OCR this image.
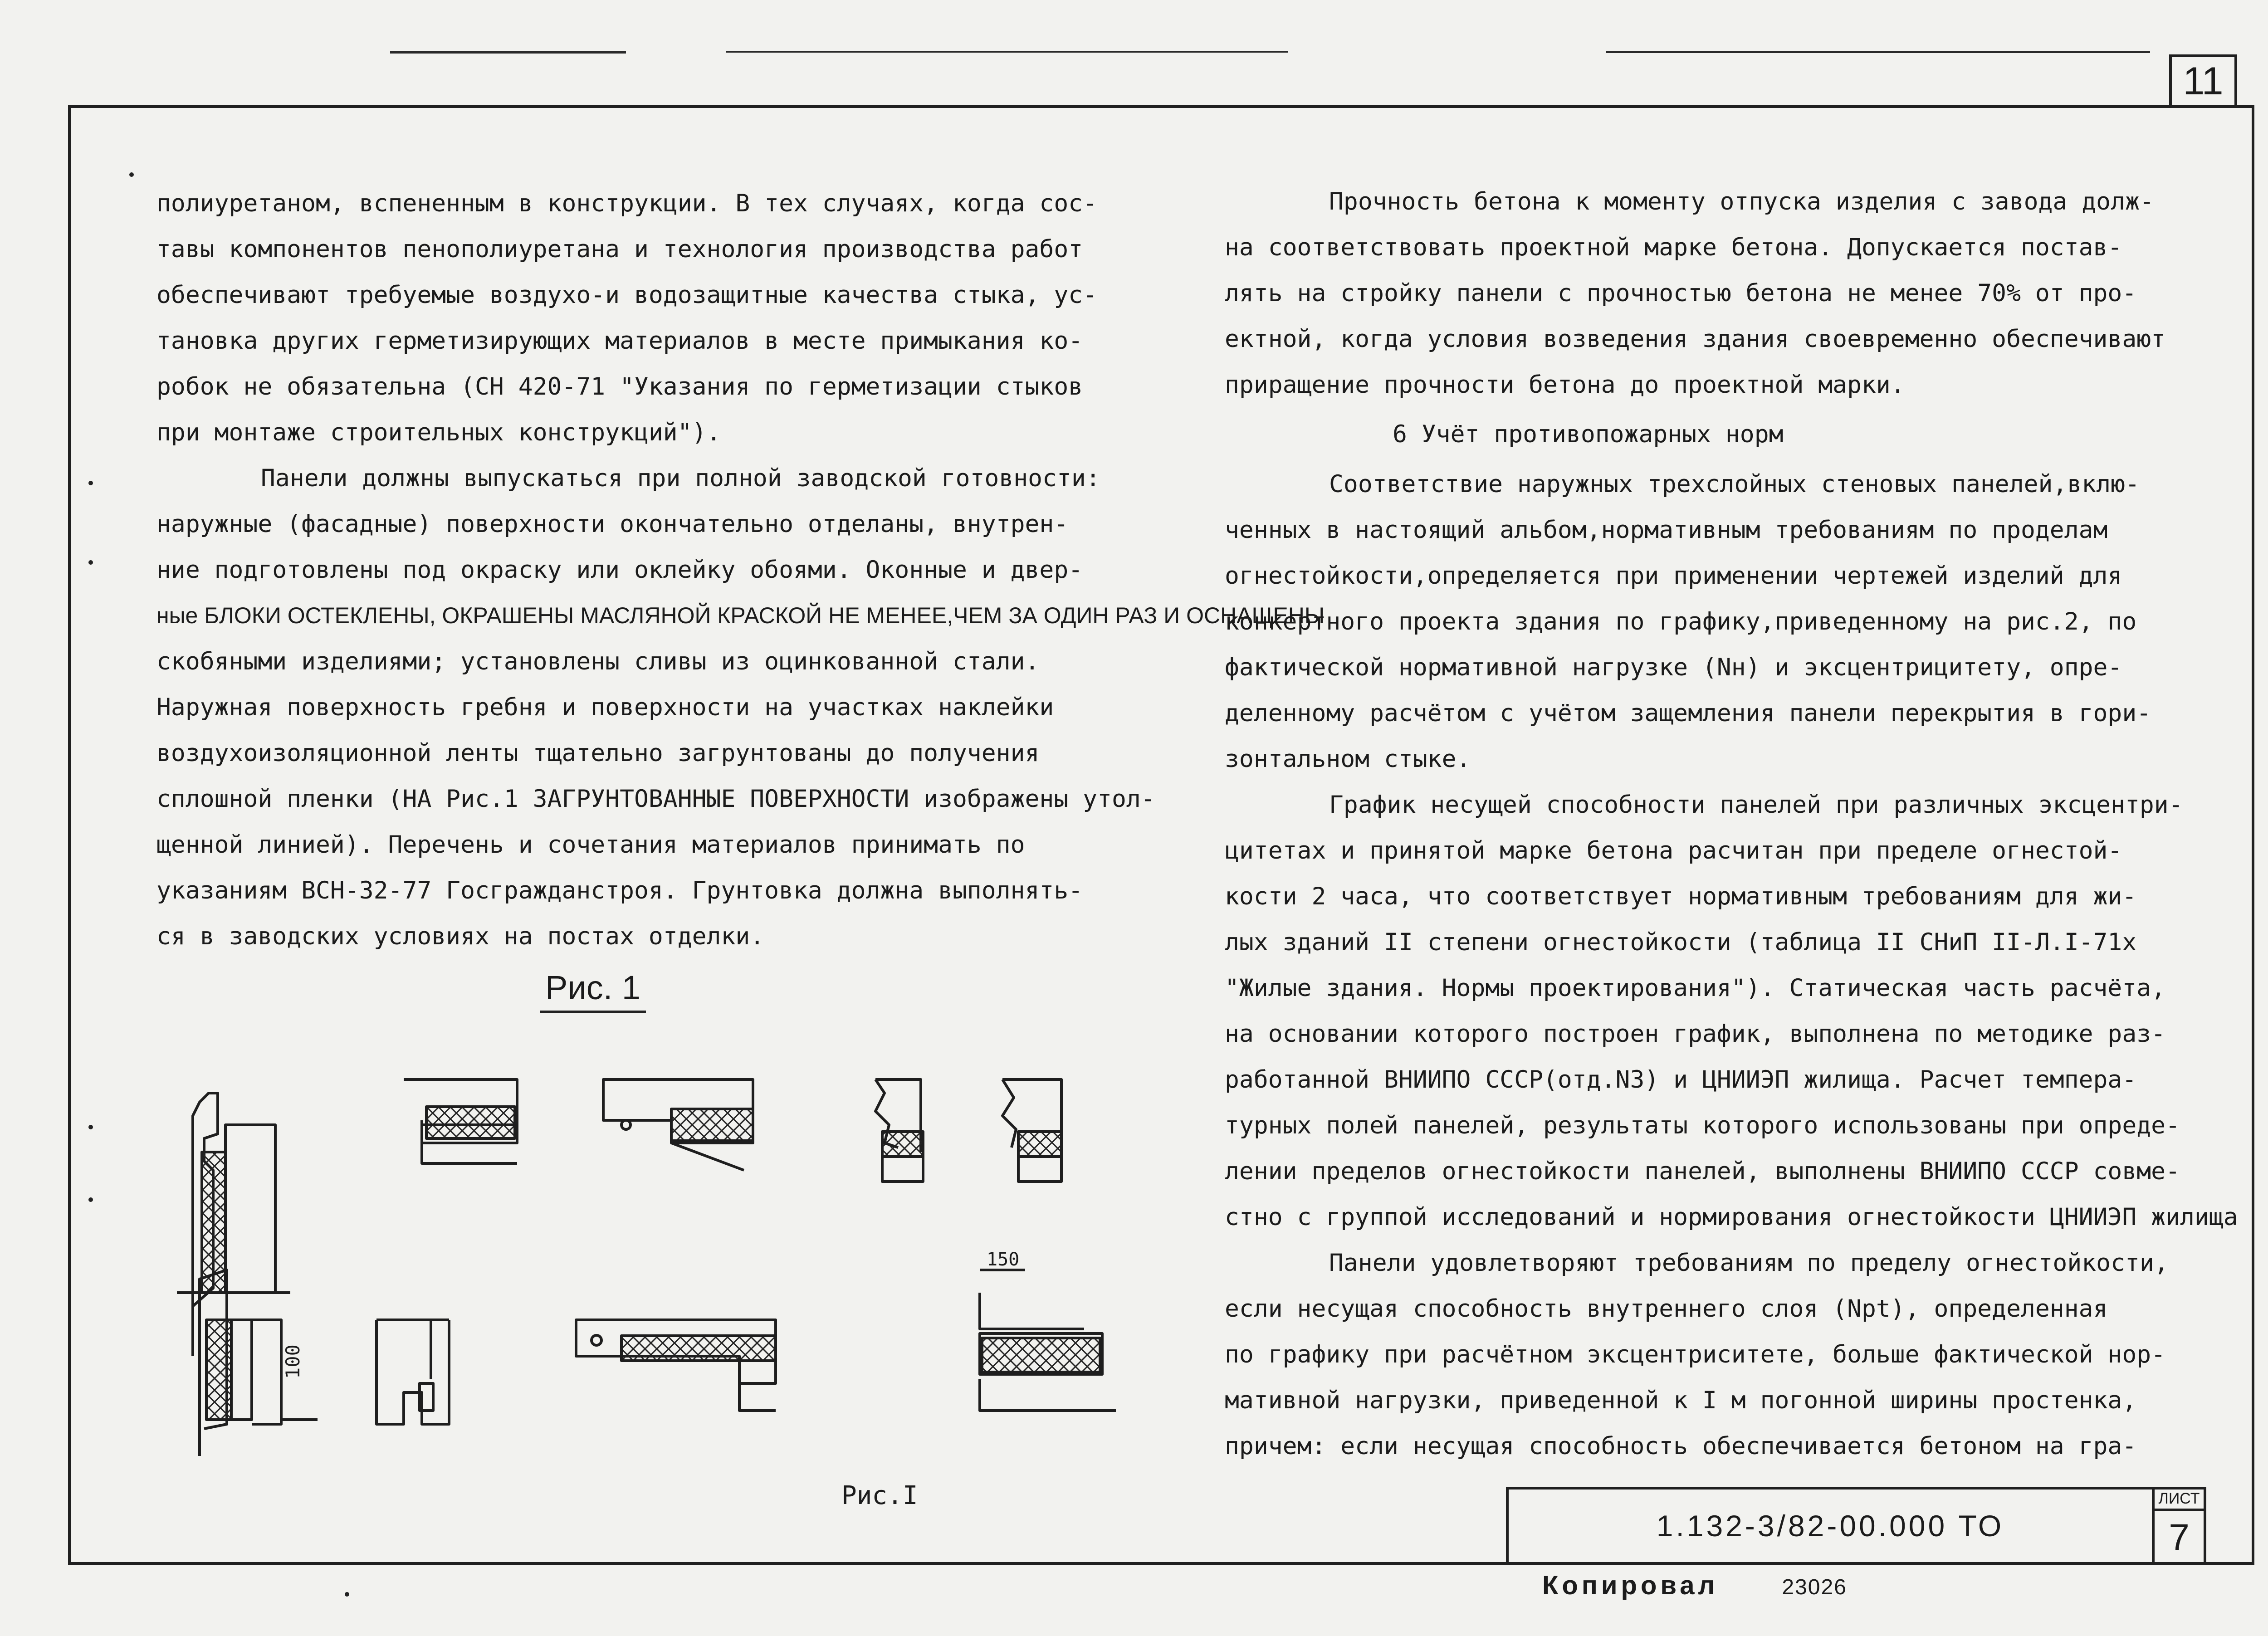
11

полиуретаном, вспененным в конструкции. В тех случаях, когда сос-

тавы компонентов пенополиуретана и технология производства работ

обеспечивают требуемые воздухо-и водозащитные качества стыка, ус-

тановка других герметизирующих материалов в месте примыкания ко-

робок не обязательна (СН 420-71 "Указания по герметизации стыков

при монтаже строительных конструкций").

Панели должны выпускаться при полной заводской готовности:

наружные (фасадные) поверхности окончательно отделаны, внутрен-

ние подготовлены под окраску или оклейку обоями. Оконные и двер-

ные БЛОКИ ОСТЕКЛЕНЫ, ОКРАШЕНЫ МАСЛЯНОЙ КРАСКОЙ НЕ МЕНЕЕ,ЧЕМ ЗА ОДИН РАЗ И ОСНАЩЕНЫ

скобяными изделиями; установлены сливы из оцинкованной стали.

Наружная поверхность гребня и поверхности на участках наклейки

воздухоизоляционной ленты тщательно загрунтованы до получения

сплошной пленки (НА Рис.1 ЗАГРУНТОВАННЫЕ ПОВЕРХНОСТИ изображены утол-

щенной линией). Перечень и сочетания материалов принимать по

указаниям ВСН-32-77 Госгражданстроя. Грунтовка должна выполнять-

ся в заводских условиях на постах отделки.

Рис. 1
100
150
Рис.I

Прочность бетона к моменту отпуска изделия с завода долж-

на соответствовать проектной марке бетона. Допускается постав-

лять на стройку панели с прочностью бетона не менее 70% от про-

ектной, когда условия возведения здания своевременно обеспечивают

приращение прочности бетона до проектной марки.

6 Учёт противопожарных норм

Соответствие наружных трехслойных стеновых панелей,вклю-

ченных в настоящий альбом,нормативным требованиям по проделам

огнестойкости,определяется при применении чертежей изделий для

конкертного проекта здания по графику,приведенному на рис.2, по

фактической нормативной нагрузке (Nн) и эксцентрицитету, опре-

деленному расчётом с учётом защемления панели перекрытия в гори-

зонтальном стыке.

График несущей способности панелей при различных эксцентри-

цитетах и принятой марке бетона расчитан при пределе огнестой-

кости 2 часа, что соответствует нормативным требованиям для жи-

лых зданий II степени огнестойкости (таблица II СНиП II-Л.I-71х

"Жилые здания. Нормы проектирования"). Статическая часть расчёта,

на основании которого построен график, выполнена по методике раз-

работанной ВНИИПО СССР(отд.N3) и ЦНИИЭП жилища. Расчет темпера-

турных полей панелей, результаты которого использованы при опреде-

лении пределов огнестойкости панелей, выполнены ВНИИПО СССР совме-

стно с группой исследований и нормирования огнестойкости ЦНИИЭП жилища

Панели удовлетворяют требованиям по пределу огнестойкости,

если несущая способность внутреннего слоя (Nрt), определенная

по графику при расчётном эксцентриситете, больше фактической нор-

мативной нагрузки, приведенной к I м погонной ширины простенка,

причем: если несущая способность обеспечивается бетоном на гра-

1.132-3/82-00.000 ТО
ЛИСТ
7
Копировал	23026
